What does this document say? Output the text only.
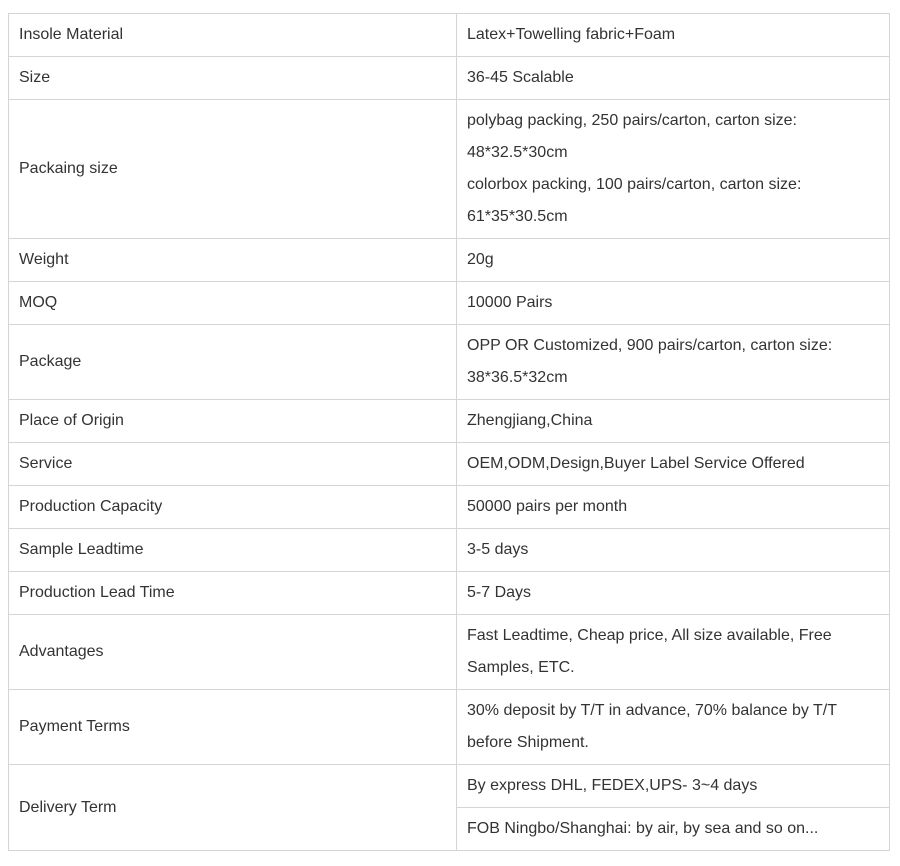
Insole Material	Latex+Towelling fabric+Foam
Size	36-45 Scalable
Packaing size	polybag packing, 250 pairs/carton, carton size:
48*32.5*30cm
colorbox packing, 100 pairs/carton, carton size:
61*35*30.5cm

Weight	20g
MOQ	10000 Pairs
Package	OPP OR Customized, 900 pairs/carton, carton size:
38*36.5*32cm

Place of Origin	Zhengjiang,China
Service	OEM,ODM,Design,Buyer Label Service Offered
Production Capacity	50000 pairs per month
Sample Leadtime	3-5 days
Production Lead Time	5-7 Days
Advantages	Fast Leadtime, Cheap price, All size available, Free
Samples, ETC.

Payment Terms	30% deposit by T/T in advance, 70% balance by T/T
before Shipment.

Delivery Term	By express DHL, FEDEX,UPS- 3~4 days
	FOB Ningbo/Shanghai: by air, by sea and so on...
